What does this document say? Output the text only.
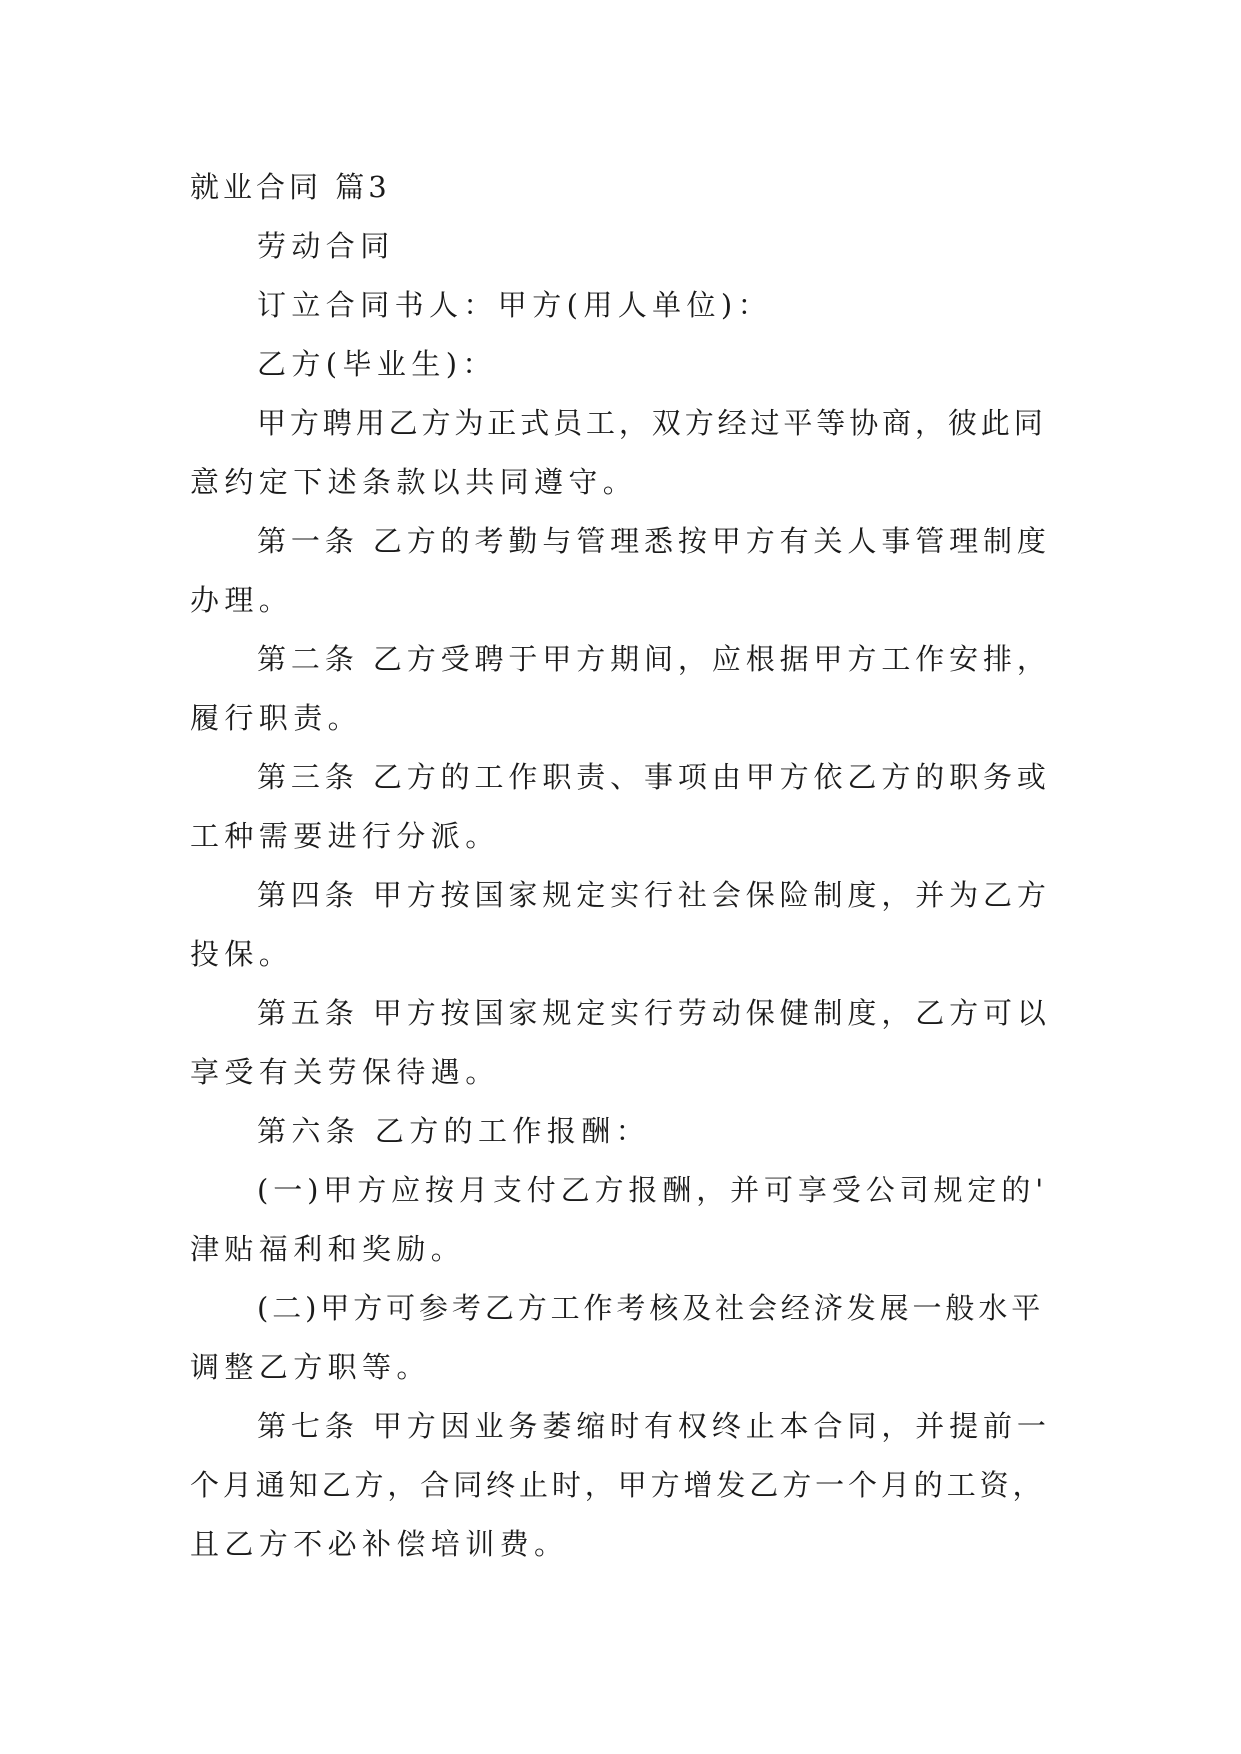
就业合同 篇3
劳动合同
订立合同书人：甲方(用人单位)：
乙方(毕业生)：
甲方聘用乙方为正式员工，双方经过平等协商，彼此同
意约定下述条款以共同遵守。
第一条 乙方的考勤与管理悉按甲方有关人事管理制度
办理。
第二条 乙方受聘于甲方期间，应根据甲方工作安排，
履行职责。
第三条 乙方的工作职责、事项由甲方依乙方的职务或
工种需要进行分派。
第四条 甲方按国家规定实行社会保险制度，并为乙方
投保。
第五条 甲方按国家规定实行劳动保健制度，乙方可以
享受有关劳保待遇。
第六条 乙方的工作报酬：
(一)甲方应按月支付乙方报酬，并可享受公司规定的'
津贴福利和奖励。
(二)甲方可参考乙方工作考核及社会经济发展一般水平
调整乙方职等。
第七条 甲方因业务萎缩时有权终止本合同，并提前一
个月通知乙方，合同终止时，甲方增发乙方一个月的工资，
且乙方不必补偿培训费。
